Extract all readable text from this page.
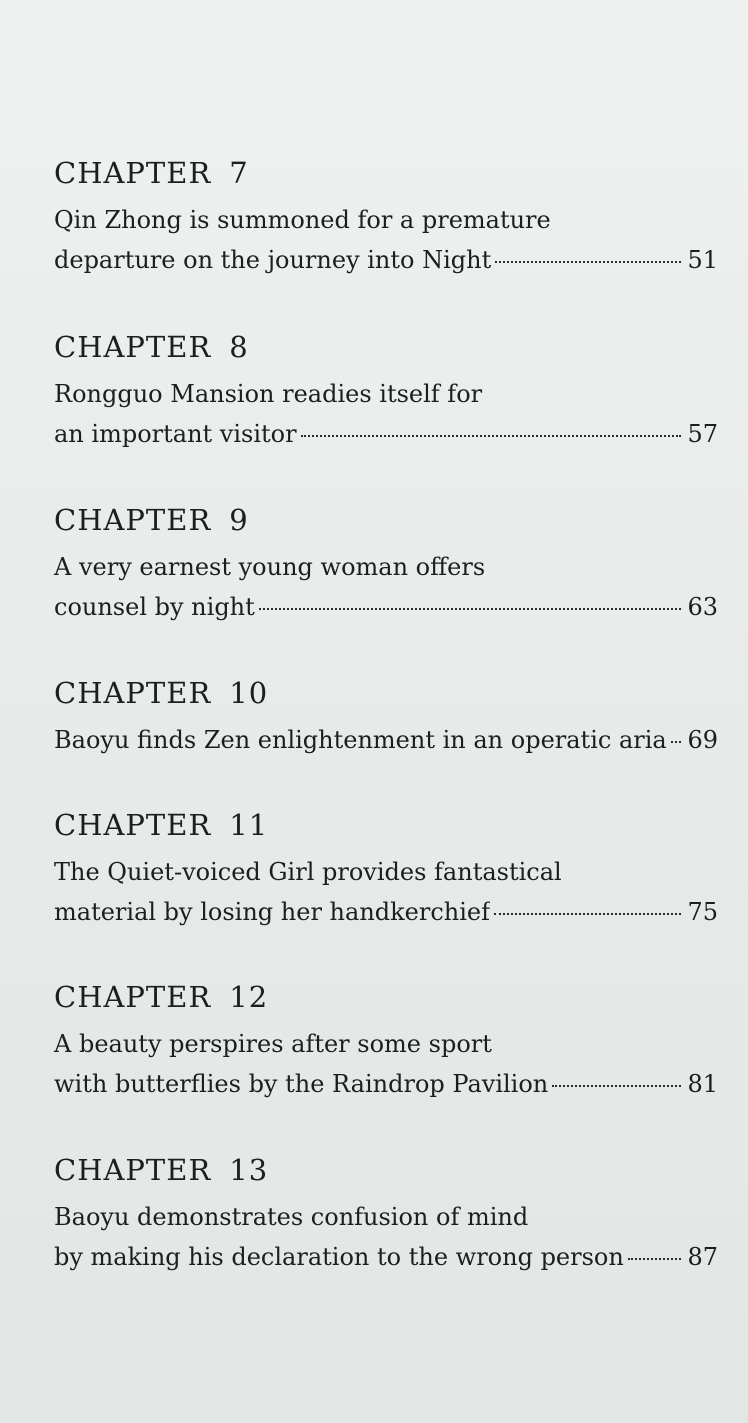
CHAPTER 7
Qin Zhong is summoned for a premature
departure on the journey into Night	51
CHAPTER 8
Rongguo Mansion readies itself for
an important visitor	57
CHAPTER 9
A very earnest young woman offers
counsel by night	63
CHAPTER 10
Baoyu finds Zen enlightenment in an operatic aria 69
CHAPTER 11
The Quiet-voiced Girl provides fantastical
material by losing her handkerchief	75
CHAPTER 12
A beauty perspires after some sport
with butterflies by the Raindrop Pavilion	81
CHAPTER 13
Baoyu demonstrates confusion of mind
by making his declaration to the wrong person	87
